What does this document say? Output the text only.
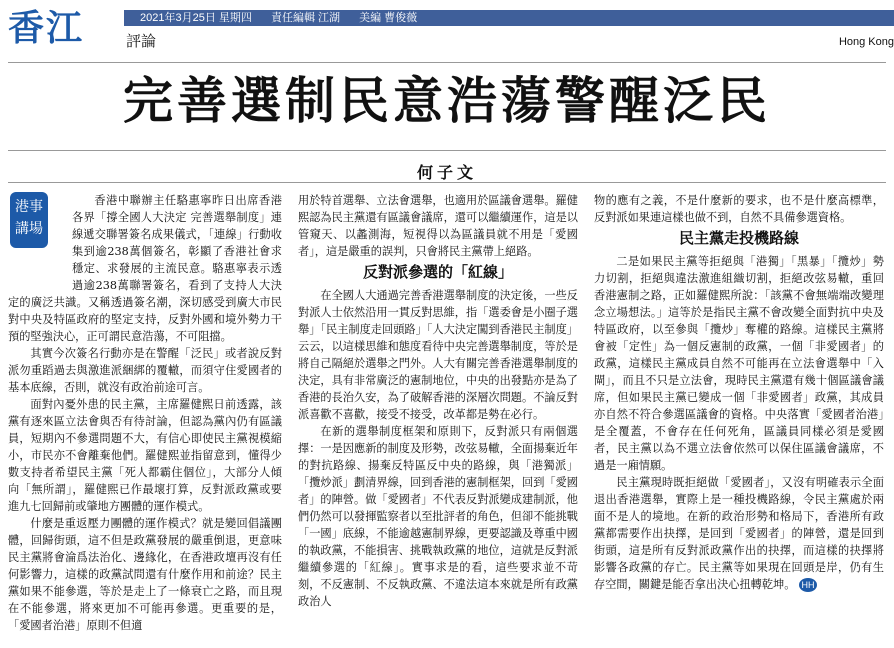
香江	評論
2021年3月25日 星期四 責任編輯 江湖 美編 曹俊薇
Hong Kong
完善選制民意浩蕩警醒泛民
何子文
港事
講場

香港中聯辦主任駱惠寧昨日出席香港各界「撐全國人大決定 完善選舉制度」連線遞交聯署簽名成果儀式，「連線」行動收集到逾238萬個簽名，彰顯了香港社會求穩定、求發展的主流民意。駱惠寧表示透過逾238萬聯署簽名，看到了支持人大決定的廣泛共識。又稱透過簽名潮，深切感受到廣大市民對中央及特區政府的堅定支持，反對外國和境外勢力干預的堅強決心，正可謂民意浩蕩，不可阻擋。

其實今次簽名行動亦是在警醒「泛民」或者說反對派勿重蹈過去與激進派綑綁的覆轍，而須守住愛國者的基本底線，否則，就沒有政治前途可言。

面對內憂外患的民主黨，主席羅健熙日前透露，該黨有逐來區立法會與否有待討論，但認為黨內仍有區議員，短期內不參選問題不大，有信心即使民主黨視模縮小，市民亦不會離棄他們。羅健熙並指留意到，懂得少數支持者希望民主黨「死人都霸住個位」，大部分人傾向「無所謂」，羅健熙已作最壞打算，反對派政黨或要進九七回歸前或肇地方團體的運作模式。

什麼是重返壓力團體的運作模式？就是變回倡議團體，回歸街頭，這不但是政黨發展的嚴重倒退，更意味民主黨將會淪爲法治化、邊緣化，在香港政壇再沒有任何影響力，這樣的政黨試問還有什麼作用和前途？民主黨如果不能參選，等於是走上了一條衰亡之路，而且現在不能參選，將來更加不可能再參選。更重要的是，「愛國者治港」原則不但適

用於特首選舉、立法會選舉，也適用於區議會選舉。羅健熙認為民主黨還有區議會議席，還可以繼續運作，這是以管窺天、以蠡測海，短視得以為區議員就不用是「愛國者」，這是嚴重的誤判，只會將民主黨帶上絕路。

反對派參選的「紅線」

在全國人大通過完善香港選舉制度的決定後，一些反對派人士依然沿用一貫反對思維，指「選委會是小圈子選舉」「民主制度走回頭路」「人大決定闖到香港民主制度」云云，以這樣思維和態度看待中央完善選舉制度，等於是將自己隔絕於選舉之門外。人大有關完善香港選舉制度的決定，具有非常廣泛的憲制地位，中央的出發點亦是為了香港的長治久安，為了破解香港的深層次問題。不論反對派喜歡不喜歡，接受不接受，改革都是勢在必行。

在新的選舉制度框架和原則下，反對派只有兩個選擇：一是因應新的制度及形勢，改弦易轍，全面揚棄近年的對抗路線、揚棄反特區反中央的路線，與「港獨派」「攬炒派」劃清界線，回到香港的憲制框架，回到「愛國者」的陣營。做「愛國者」不代表反對派變成建制派，他們仍然可以發揮監察者以至批評者的角色，但卻不能挑戰「一國」底線，不能逾越憲制界線，更要認識及尊重中國的執政黨，不能損害、挑戰執政黨的地位，這就是反對派繼續參選的「紅線」。實事求是的看，這些要求並不苛刻，不反憲制、不反執政黨、不違法這本來就是所有政黨政治人

物的應有之義，不是什麼新的要求，也不是什麼高標準，反對派如果連這樣也做不到，自然不具備參選資格。

民主黨走投機路線

二是如果民主黨等拒絕與「港獨」「黑暴」「攬炒」勢力切割，拒絕與違法激進組織切割，拒絕改弦易轍，重回香港憲制之路，正如羅健熙所說：「該黨不會無端端改變理念立場想法。」這等於是指民主黨不會改變全面對抗中央及特區政府，以至參與「攬炒」奪權的路線。這樣民主黨將會被「定性」為一個反憲制的政黨，一個「非愛國者」的政黨，這樣民主黨成員自然不可能再在立法會選舉中「入閘」，而且不只是立法會，現時民主黨還有幾十個區議會議席，但如果民主黨已變成一個「非愛國者」政黨，其成員亦自然不符合參選區議會的資格。中央落實「愛國者治港」是全覆蓋，不會存在任何死角，區議員同樣必須是愛國者，民主黨以為不選立法會依然可以保住區議會議席，不過是一廂情願。

民主黨現時既拒絕做「愛國者」，又沒有明確表示全面退出香港選舉，實際上是一種投機路線，令民主黨處於兩面不是人的境地。在新的政治形勢和格局下，香港所有政黨都需要作出抉擇，是回到「愛國者」的陣營，還是回到街頭，這是所有反對派政黨作出的抉擇，而這樣的抉擇將影響各政黨的存亡。民主黨等如果現在回頭是岸，仍有生存空間，關鍵是能否拿出決心扭轉乾坤。 HH
